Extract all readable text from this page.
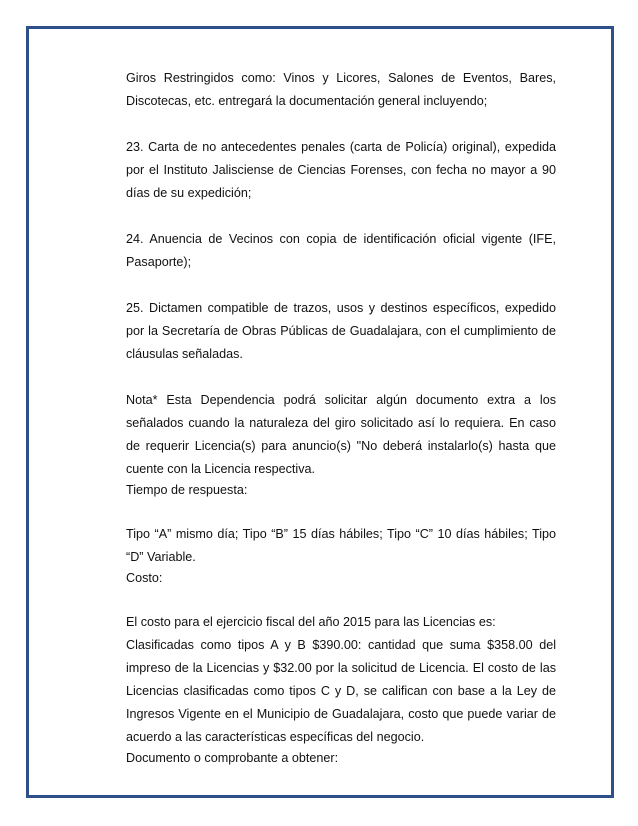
Giros Restringidos como: Vinos y Licores, Salones de Eventos, Bares,
Discotecas, etc. entregará la documentación general incluyendo;
23. Carta de no antecedentes penales (carta de Policía) original), expedida
por el Instituto Jalisciense de Ciencias Forenses, con fecha no mayor a 90
días de su expedición;
24. Anuencia de Vecinos con copia de identificación oficial vigente (IFE,
Pasaporte);
25. Dictamen compatible de trazos, usos y destinos específicos, expedido
por la Secretaría de Obras Públicas de Guadalajara, con el cumplimiento de
cláusulas señaladas.
Nota* Esta Dependencia podrá solicitar algún documento extra a los
señalados cuando la naturaleza del giro solicitado así lo requiera. En caso
de requerir Licencia(s) para anuncio(s) "No deberá instalarlo(s) hasta que
cuente con la Licencia respectiva.
Tiempo de respuesta:
Tipo “A” mismo día; Tipo “B” 15 días hábiles; Tipo “C” 10 días hábiles; Tipo
“D” Variable.
Costo:
El costo para el ejercicio fiscal del año 2015 para las Licencias es:
Clasificadas como tipos A y B $390.00: cantidad que suma $358.00 del
impreso de la Licencias y $32.00 por la solicitud de Licencia. El costo de las
Licencias clasificadas como tipos C y D, se califican con base a la Ley de
Ingresos Vigente en el Municipio de Guadalajara, costo que puede variar de
acuerdo a las características específicas del negocio.
Documento o comprobante a obtener:
